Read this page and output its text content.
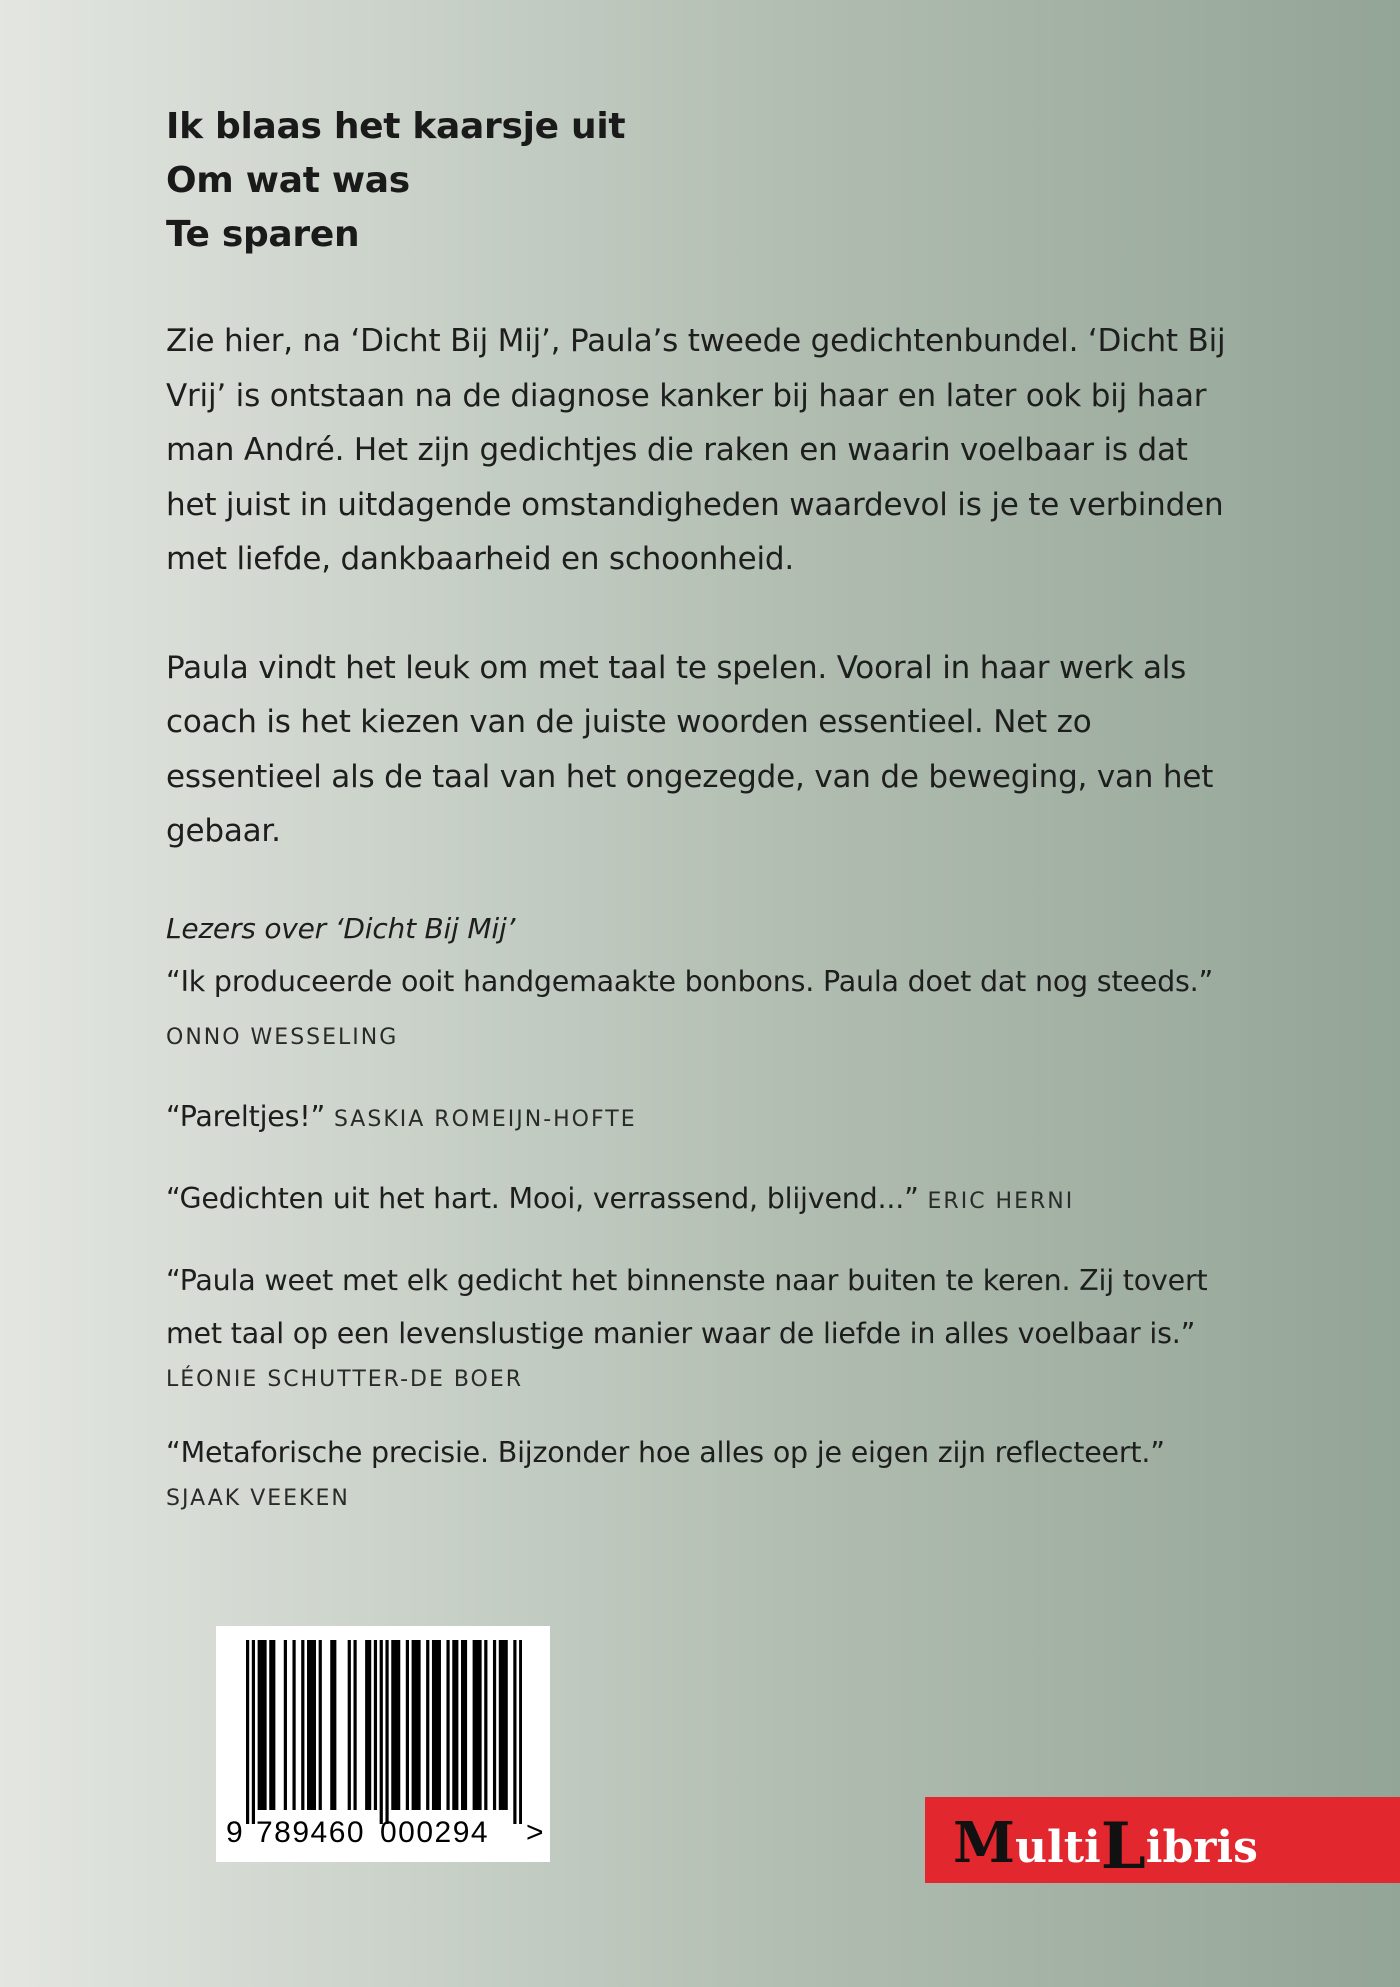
Ik blaas het kaarsje uit

Om wat was

Te sparen

Zie hier, na ‘Dicht Bij Mij’, Paula’s tweede gedichtenbundel. ‘Dicht Bij Vrij’ is ontstaan na de diagnose kanker bij haar en later ook bij haar man André. Het zijn gedichtjes die raken en waarin voelbaar is dat het juist in uitdagende omstandigheden waardevol is je te verbinden met liefde, dankbaarheid en schoonheid.

Paula vindt het leuk om met taal te spelen. Vooral in haar werk als coach is het kiezen van de juiste woorden essentieel. Net zo essentieel als de taal van het ongezegde, van de beweging, van het gebaar.

Lezers over ‘Dicht Bij Mij’

“Ik produceerde ooit handgemaakte bonbons. Paula doet dat nog steeds.” ONNO WESSELING

“Pareltjes!” SASKIA ROMEIJN-HOFTE

“Gedichten uit het hart. Mooi, verrassend, blijvend...” ERIC HERNI

“Paula weet met elk gedicht het binnenste naar buiten te keren. Zij tovert met taal op een levenslustige manier waar de liefde in alles voelbaar is.”
LÉONIE SCHUTTER-DE BOER

“Metaforische precisie. Bijzonder hoe alles op je eigen zijn reflecteert.”
SJAAK VEEKEN

9 789460 000294 >	MultiLibris
